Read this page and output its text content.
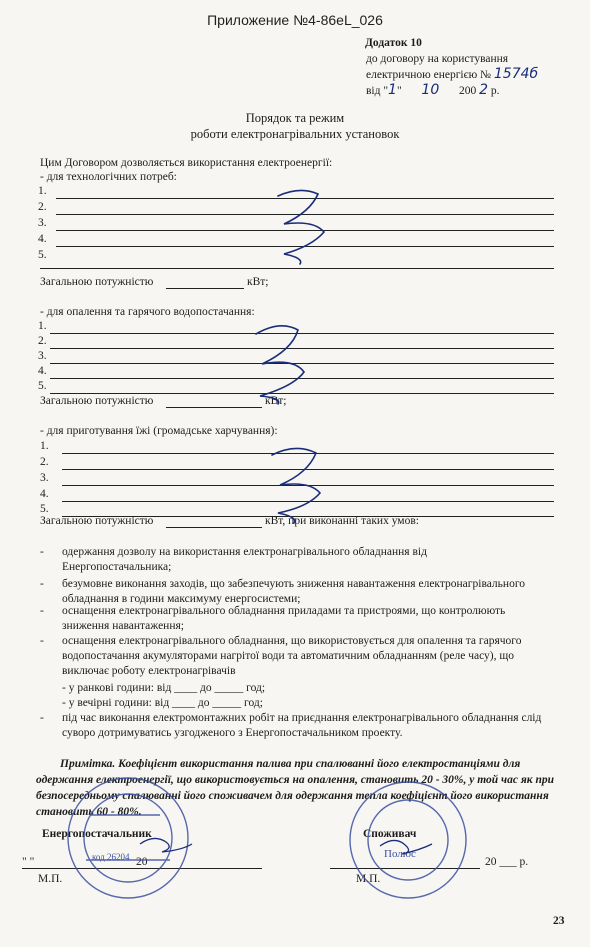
Приложение №4-86eL_026
Додаток 10
до договору на користування
електричною енергією № 1574б
від "1" 10 200 2 р.
Порядок та режим
роботи електронагрівальних установок
Цим Договором дозволяється використання електроенергії:
- для технологічних потреб:
1.
2.
3.
4.
5.
Загальною потужністю	кВт;
- для опалення та гарячого водопостачання:
1.
2.
3.
4.
5.
Загальною потужністю	кВт;
- для приготування їжі (громадське харчування):
1.
2.
3.
4.
5.
Загальною потужністю	кВт, при виконанні таких умов:
- одержання дозволу на використання електронагрівального обладнання від Енергопостачальника;
- безумовне виконання заходів, що забезпечують зниження навантаження електронагрівального обладнання в години максимуму енергосистеми;
- оснащення електронагрівального обладнання приладами та пристроями, що контролюють зниження навантаження;
- оснащення електронагрівального обладнання, що використовується для опалення та гарячого водопостачання акумуляторами нагрітої води та автоматичним обладнанням (реле часу), що виключає роботу електронагрівачів
- у ранкові години: від ____ до _____ год;
- у вечірні години: від ____ до _____ год;
- під час виконання електромонтажних робіт на приєднання електронагрівального обладнання слід суворо дотримуватись узгодженого з Енергопостачальником проекту.
Примітка. Коефіцієнт використання палива при спалюванні його електростанціями для одержання електроенергії, що використовується на опалення, становить 20 - 30%, у той час як при безпосередньому спалюванні його споживачем для одержання тепла коефіцієнт його використання становить 60 - 80%.
Енергопостачальник	Споживач
" "	20	20 ___ р.
М.П.	М.П.
23
код 26204	Полюс
